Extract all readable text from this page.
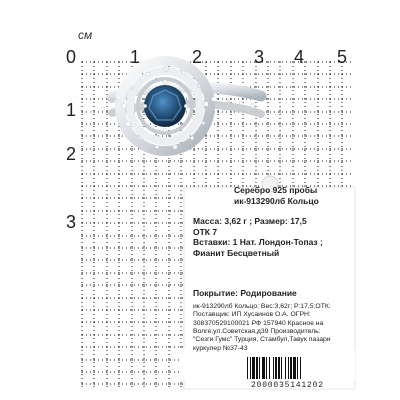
см
0	1	2	3 4 5
1
2
3
Серебро 925 пробы
ик-913290лб Кольцо
Масса: 3,62 г ; Размер: 17,5
ОТК 7
Вставки: 1 Нат. Лондон-Топаз ;
Фианит Бесцветный
Покрытие: Родирование
ик-913290лб Кольцо; Вес:3,62г; Р:17,5;ОТК:
Поставщик: ИП Хусаинов О.А. ОГРН:
308370529100021 РФ 157940 Красное на
Волге,ул.Советская,д39 Производитель:
"Сезги Гумс" Турция, Стамбул,Тавук пазари
куркулер №37-43
2000035141202
